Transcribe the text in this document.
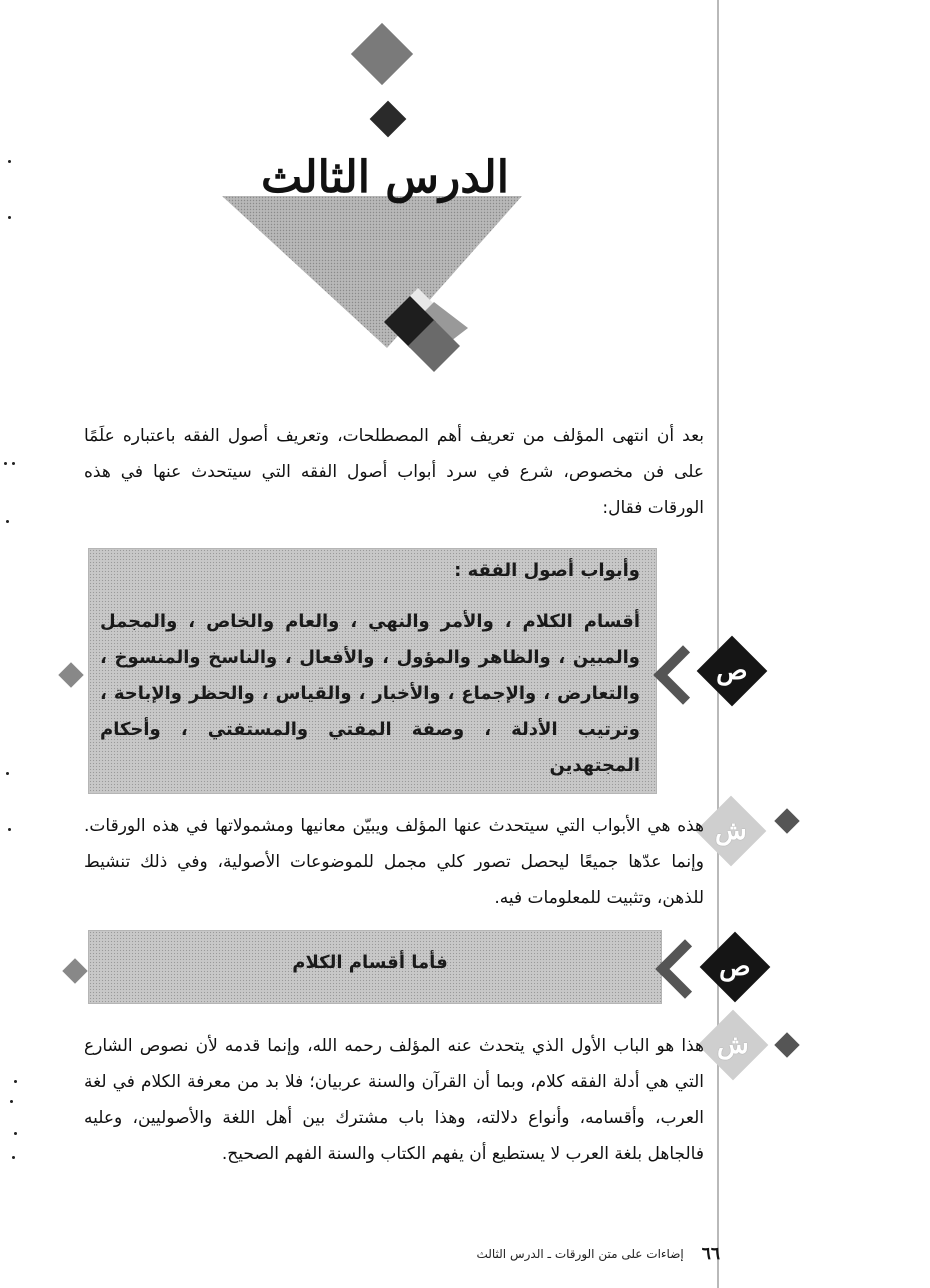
الدرس الثالث
بعد أن انتهى المؤلف من تعريف أهم المصطلحات، وتعريف أصول الفقه باعتباره علَمًا على فن مخصوص، شرع في سرد أبواب أصول الفقه التي سيتحدث عنها في هذه الورقات فقال:
وأبواب أصول الفقه :
أقسام الكلام ، والأمر والنهي ، والعام والخاص ، والمجمل والمبين ، والظاهر والمؤول ، والأفعال ، والناسخ والمنسوخ ، والتعارض ، والإجماع ، والأخبار ، والقياس ، والحظر والإباحة ، وترتيب الأدلة ، وصفة المفتي والمستفتي ، وأحكام المجتهدين
ص
ش
هذه هي الأبواب التي سيتحدث عنها المؤلف ويبيّن معانيها ومشمولاتها في هذه الورقات. وإنما عدّها جميعًا ليحصل تصور كلي مجمل للموضوعات الأصولية، وفي ذلك تنشيط للذهن، وتثبيت للمعلومات فيه.
فأما أقسام الكلام	ص
ش
هذا هو الباب الأول الذي يتحدث عنه المؤلف رحمه الله، وإنما قدمه لأن نصوص الشارع التي هي أدلة الفقه كلام، وبما أن القرآن والسنة عربيان؛ فلا بد من معرفة الكلام في لغة العرب، وأقسامه، وأنواع دلالته، وهذا باب مشترك بين أهل اللغة والأصوليين، وعليه فالجاهل بلغة العرب لا يستطيع أن يفهم الكتاب والسنة الفهم الصحيح.
٦٦
إضاءات على متن الورقات ـ الدرس الثالث
